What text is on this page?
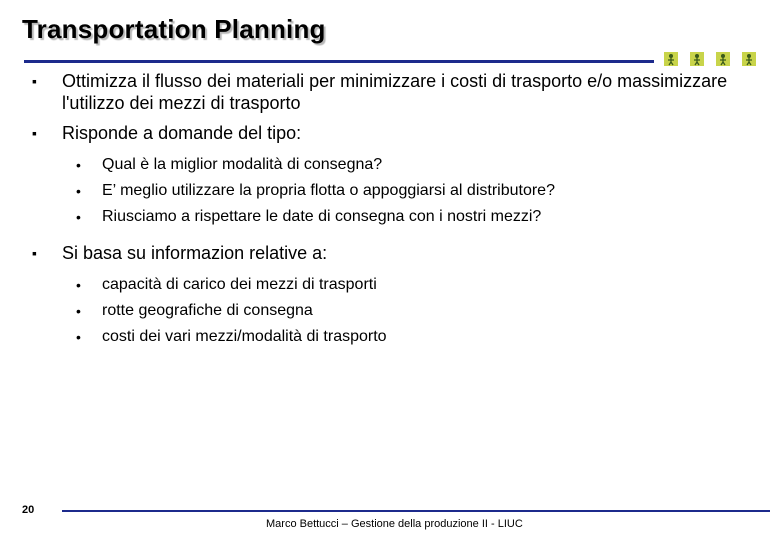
Transportation Planning
▪ Ottimizza il flusso dei materiali per minimizzare i costi di trasporto e/o massimizzare l'utilizzo dei mezzi di trasporto
▪ Risponde a domande del tipo:
• Qual è la miglior modalità di consegna?
• E’ meglio utilizzare la propria flotta o appoggiarsi al distributore?
• Riusciamo a rispettare le date di consegna con i nostri mezzi?
▪ Si basa su informazion relative a:
• capacità di carico dei mezzi di trasporti
• rotte geografiche di consegna
• costi dei vari mezzi/modalità di trasporto
20
Marco Bettucci – Gestione della produzione II - LIUC
